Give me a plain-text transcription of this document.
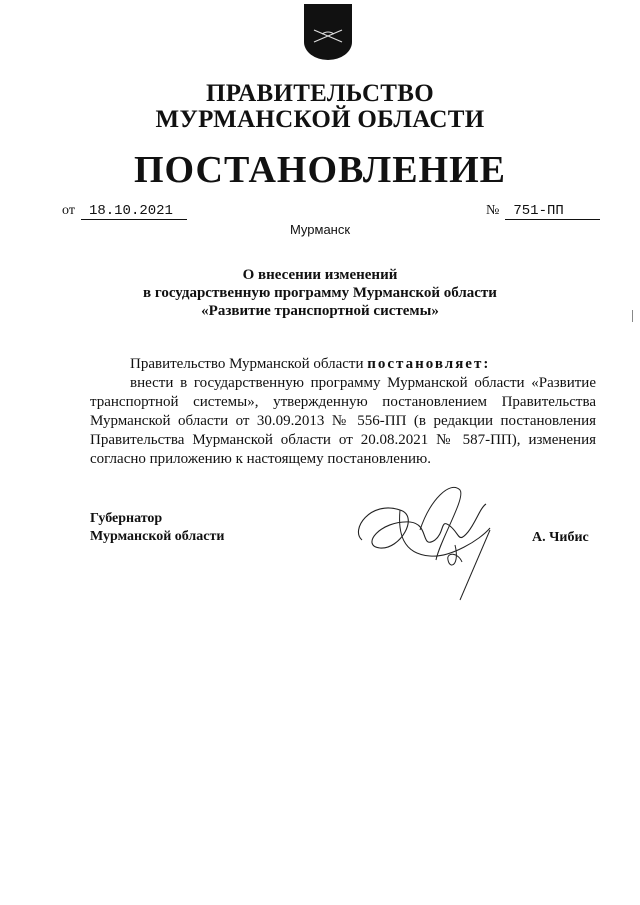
ПРАВИТЕЛЬСТВО
МУРМАНСКОЙ ОБЛАСТИ
ПОСТАНОВЛЕНИЕ
от 18.10.2021	№ 751-ПП
Мурманск
О внесении изменений
в государственную программу Мурманской области
«Развитие транспортной системы»
Правительство Мурманской области постановляет:
внести в государственную программу Мурманской области «Развитие транспортной системы», утвержденную постановлением Правительства Мурманской области от 30.09.2013 № 556-ПП (в редакции постановления Правительства Мурманской области от 20.08.2021 № 587-ПП), изменения согласно приложению к настоящему постановлению.
Губернатор
Мурманской области	А. Чибис
